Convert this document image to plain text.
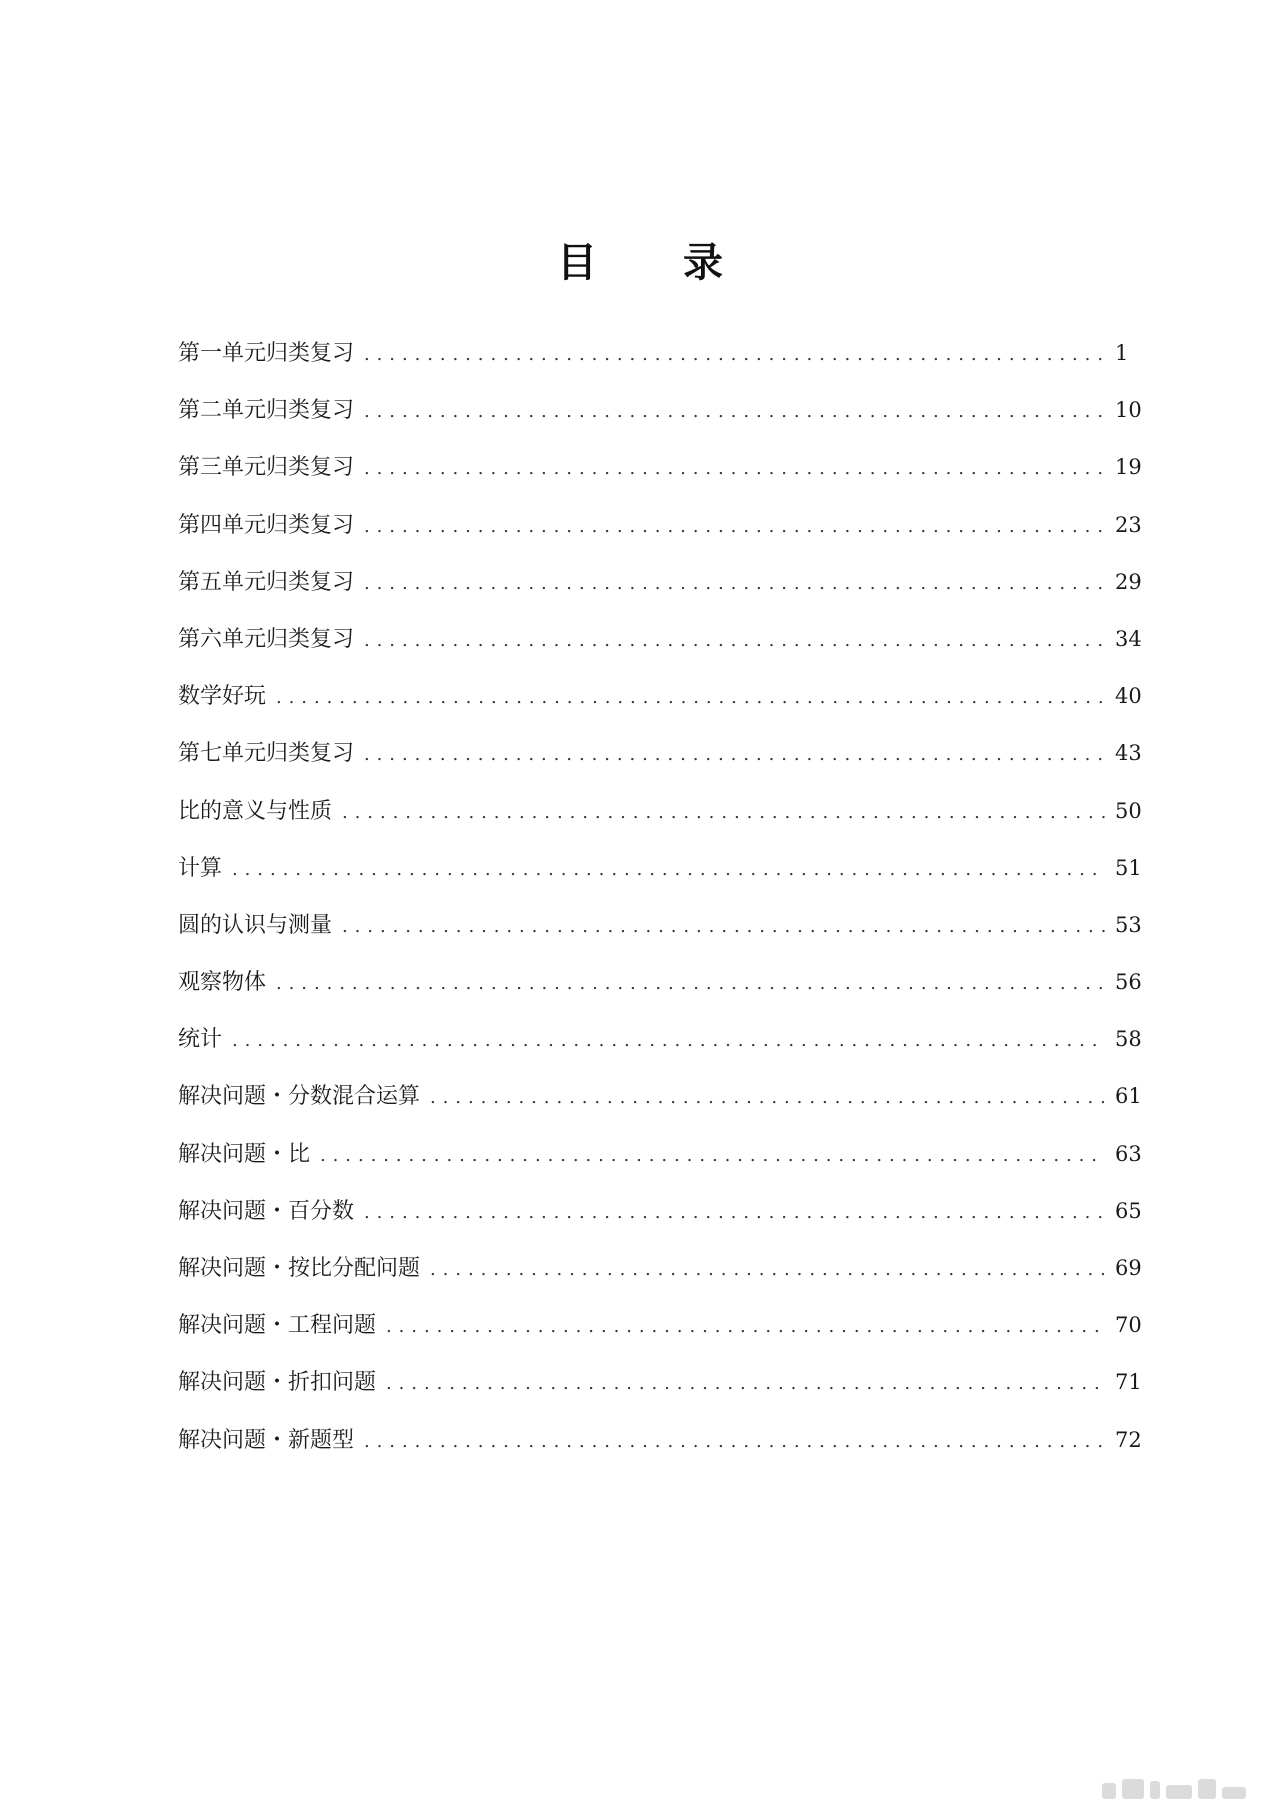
目 录
第一单元归类复习 . . .	1
第二单元归类复习 . . .	10
第三单元归类复习 . . .	19
第四单元归类复习 . . .	23
第五单元归类复习 . . .	29
第六单元归类复习 . . .	34
数学好玩 . . .	40
第七单元归类复习 . . .	43
比的意义与性质 . . .	50
计算 . . .	51
圆的认识与测量 . . .	53
观察物体 . . .	56
统计 . . .	58
解决问题・分数混合运算 . . .	61
解决问题・比 . . .	63
解决问题・百分数 . . .	65
解决问题・按比分配问题 . . .	69
解决问题・工程问题 . . .	70
解决问题・折扣问题 . . .	71
解决问题・新题型 . . .	72
